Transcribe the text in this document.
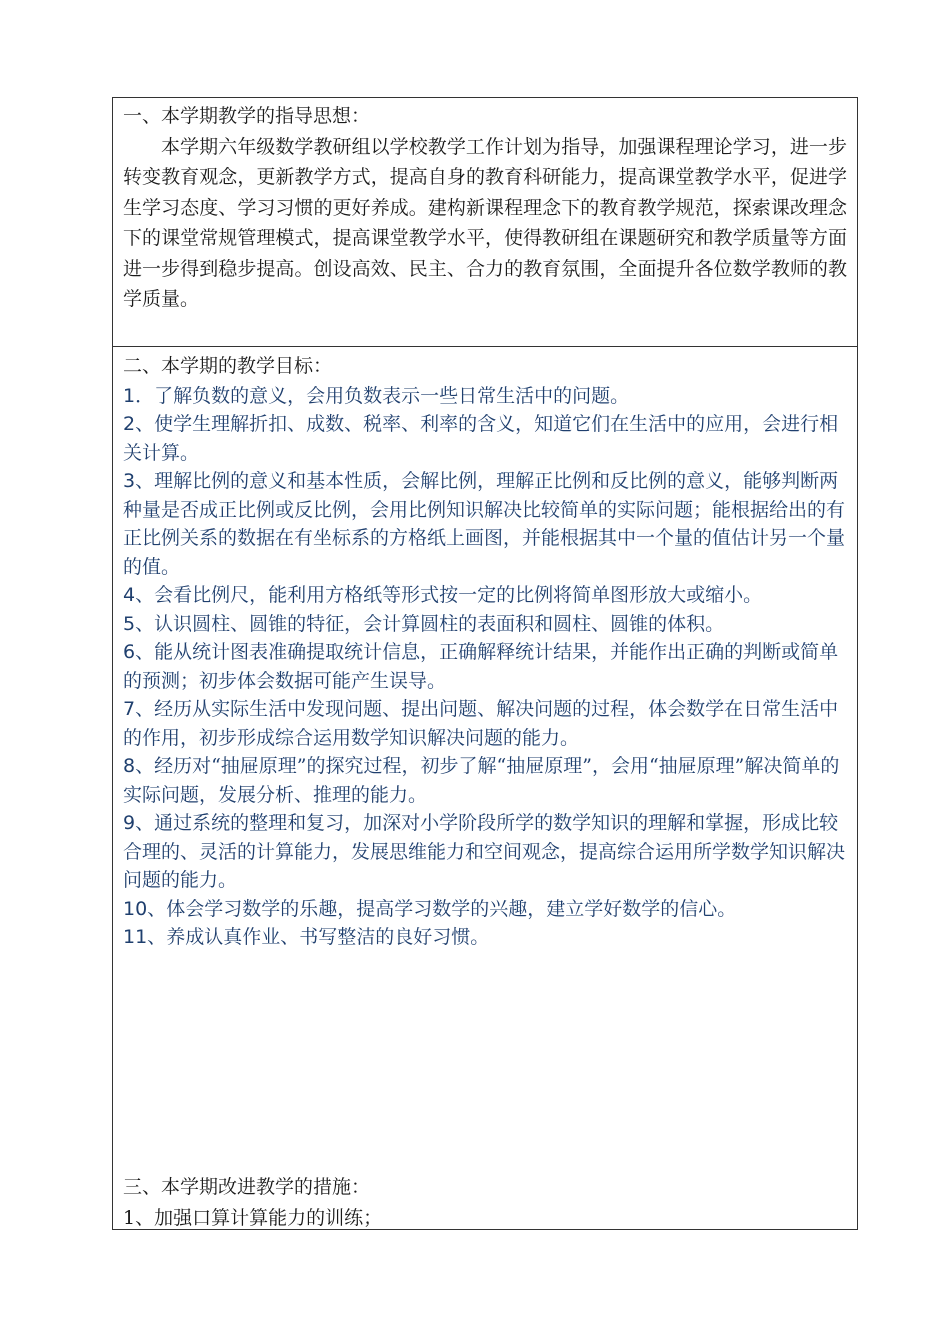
一、本学期教学的指导思想：

本学期六年级数学教研组以学校教学工作计划为指导，加强课程理论学习，进一步转变教育观念，更新教学方式，提高自身的教育科研能力，提高课堂教学水平，促进学生学习态度、学习习惯的更好养成。建构新课程理念下的教育教学规范，探索课改理念下的课堂常规管理模式，提高课堂教学水平，使得教研组在课题研究和教学质量等方面进一步得到稳步提高。创设高效、民主、合力的教育氛围，全面提升各位数学教师的教学质量。

二、本学期的教学目标：

1．了解负数的意义，会用负数表示一些日常生活中的问题。

2、使学生理解折扣、成数、税率、利率的含义，知道它们在生活中的应用，会进行相关计算。

3、理解比例的意义和基本性质，会解比例，理解正比例和反比例的意义，能够判断两种量是否成正比例或反比例，会用比例知识解决比较简单的实际问题；能根据给出的有正比例关系的数据在有坐标系的方格纸上画图，并能根据其中一个量的值估计另一个量的值。

4、会看比例尺，能利用方格纸等形式按一定的比例将简单图形放大或缩小。

5、认识圆柱、圆锥的特征，会计算圆柱的表面积和圆柱、圆锥的体积。

6、能从统计图表准确提取统计信息，正确解释统计结果，并能作出正确的判断或简单的预测；初步体会数据可能产生误导。

7、经历从实际生活中发现问题、提出问题、解决问题的过程，体会数学在日常生活中的作用，初步形成综合运用数学知识解决问题的能力。

8、经历对“抽屉原理”的探究过程，初步了解“抽屉原理”，会用“抽屉原理”解决简单的实际问题，发展分析、推理的能力。

9、通过系统的整理和复习，加深对小学阶段所学的数学知识的理解和掌握，形成比较合理的、灵活的计算能力，发展思维能力和空间观念，提高综合运用所学数学知识解决问题的能力。

10、体会学习数学的乐趣，提高学习数学的兴趣，建立学好数学的信心。

11、养成认真作业、书写整洁的良好习惯。

三、本学期改进教学的措施：

1、加强口算计算能力的训练；
